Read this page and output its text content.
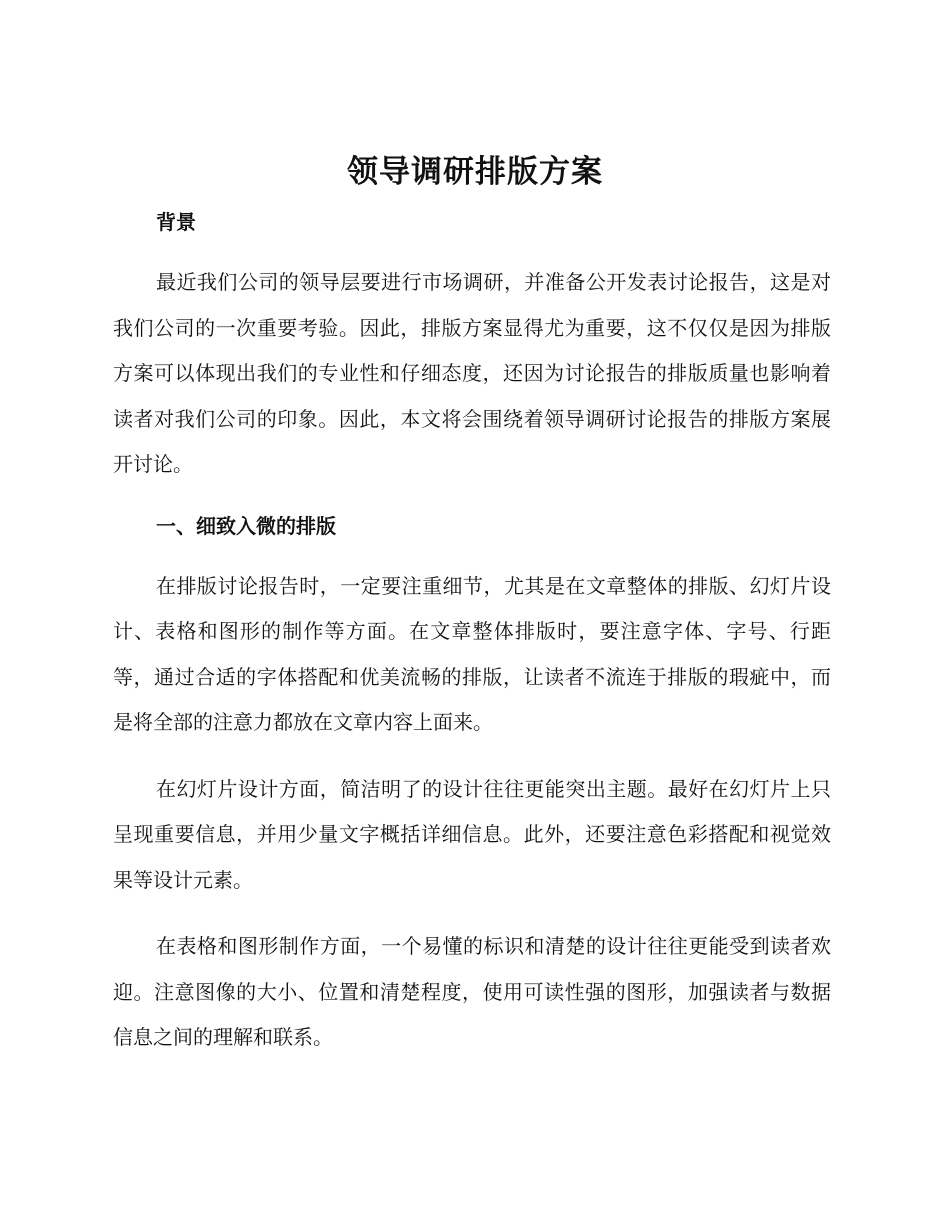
领导调研排版方案
背景

最近我们公司的领导层要进行市场调研，并准备公开发表讨论报告，这是对我们公司的一次重要考验。因此，排版方案显得尤为重要，这不仅仅是因为排版方案可以体现出我们的专业性和仔细态度，还因为讨论报告的排版质量也影响着读者对我们公司的印象。因此，本文将会围绕着领导调研讨论报告的排版方案展开讨论。

一、细致入微的排版

在排版讨论报告时，一定要注重细节，尤其是在文章整体的排版、幻灯片设计、表格和图形的制作等方面。在文章整体排版时，要注意字体、字号、行距等，通过合适的字体搭配和优美流畅的排版，让读者不流连于排版的瑕疵中，而是将全部的注意力都放在文章内容上面来。

在幻灯片设计方面，简洁明了的设计往往更能突出主题。最好在幻灯片上只呈现重要信息，并用少量文字概括详细信息。此外，还要注意色彩搭配和视觉效果等设计元素。

在表格和图形制作方面，一个易懂的标识和清楚的设计往往更能受到读者欢迎。注意图像的大小、位置和清楚程度，使用可读性强的图形，加强读者与数据信息之间的理解和联系。
